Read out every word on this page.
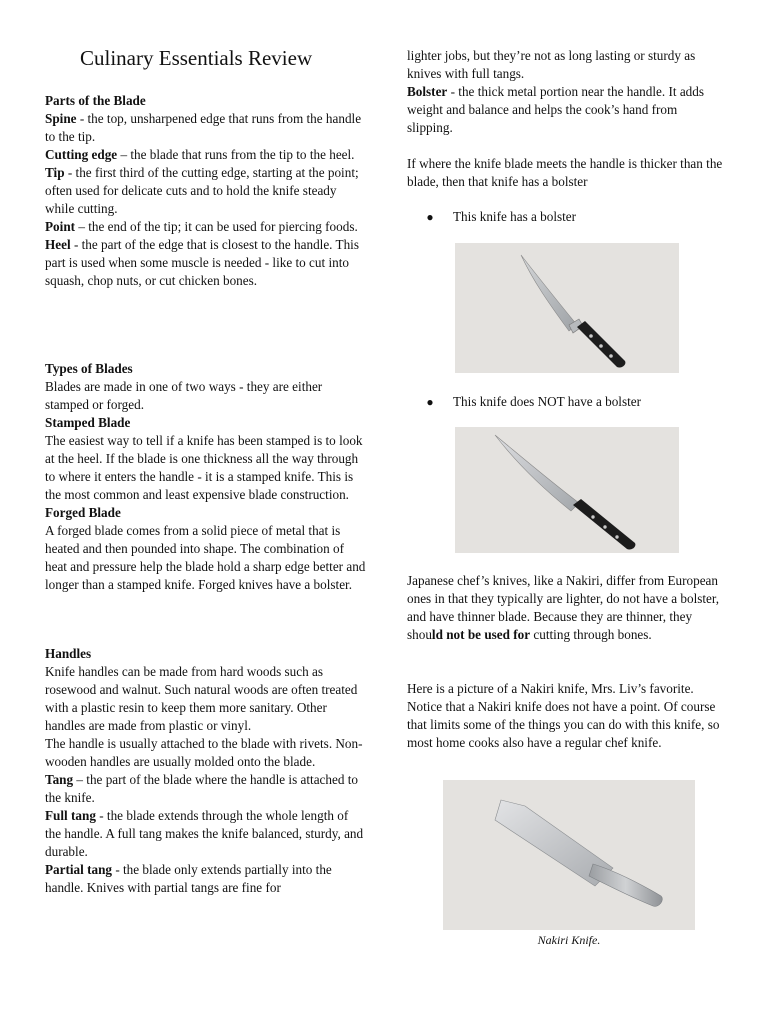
Culinary Essentials Review

Parts of the Blade

Spine - the top, unsharpened edge that runs from the handle to the tip.

Cutting edge – the blade that runs from the tip to the heel.

Tip - the first third of the cutting edge, starting at the point; often used for delicate cuts and to hold the knife steady while cutting.

Point – the end of the tip; it can be used for piercing foods.

Heel - the part of the edge that is closest to the handle. This part is used when some muscle is needed - like to cut into squash, chop nuts, or cut chicken bones.

Types of Blades

Blades are made in one of two ways - they are either stamped or forged.

Stamped Blade

The easiest way to tell if a knife has been stamped is to look at the heel. If the blade is one thickness all the way through to where it enters the handle - it is a stamped knife. This is the most common and least expensive blade construction.

Forged Blade

A forged blade comes from a solid piece of metal that is heated and then pounded into shape. The combination of heat and pressure help the blade hold a sharp edge better and longer than a stamped knife. Forged knives have a bolster.

Handles

Knife handles can be made from hard woods such as rosewood and walnut. Such natural woods are often treated with a plastic resin to keep them more sanitary. Other handles are made from plastic or vinyl.

The handle is usually attached to the blade with rivets. Non-wooden handles are usually molded onto the blade.

Tang – the part of the blade where the handle is attached to the knife.

Full tang - the blade extends through the whole length of the handle. A full tang makes the knife balanced, sturdy, and durable.

Partial tang - the blade only extends partially into the handle. Knives with partial tangs are fine for

lighter jobs, but they’re not as long lasting or sturdy as knives with full tangs.

Bolster - the thick metal portion near the handle. It adds weight and balance and helps the cook’s hand from slipping.

If where the knife blade meets the handle is thicker than the blade, then that knife has a bolster

●	This knife has a bolster
●	This knife does NOT have a bolster

Japanese chef’s knives, like a Nakiri, differ from European ones in that they typically are lighter, do not have a bolster, and have thinner blade. Because they are thinner, they should not be used for cutting through bones.

Here is a picture of a Nakiri knife, Mrs. Liv’s favorite. Notice that a Nakiri knife does not have a point. Of course that limits some of the things you can do with this knife, so most home cooks also have a regular chef knife.

Nakiri Knife.
